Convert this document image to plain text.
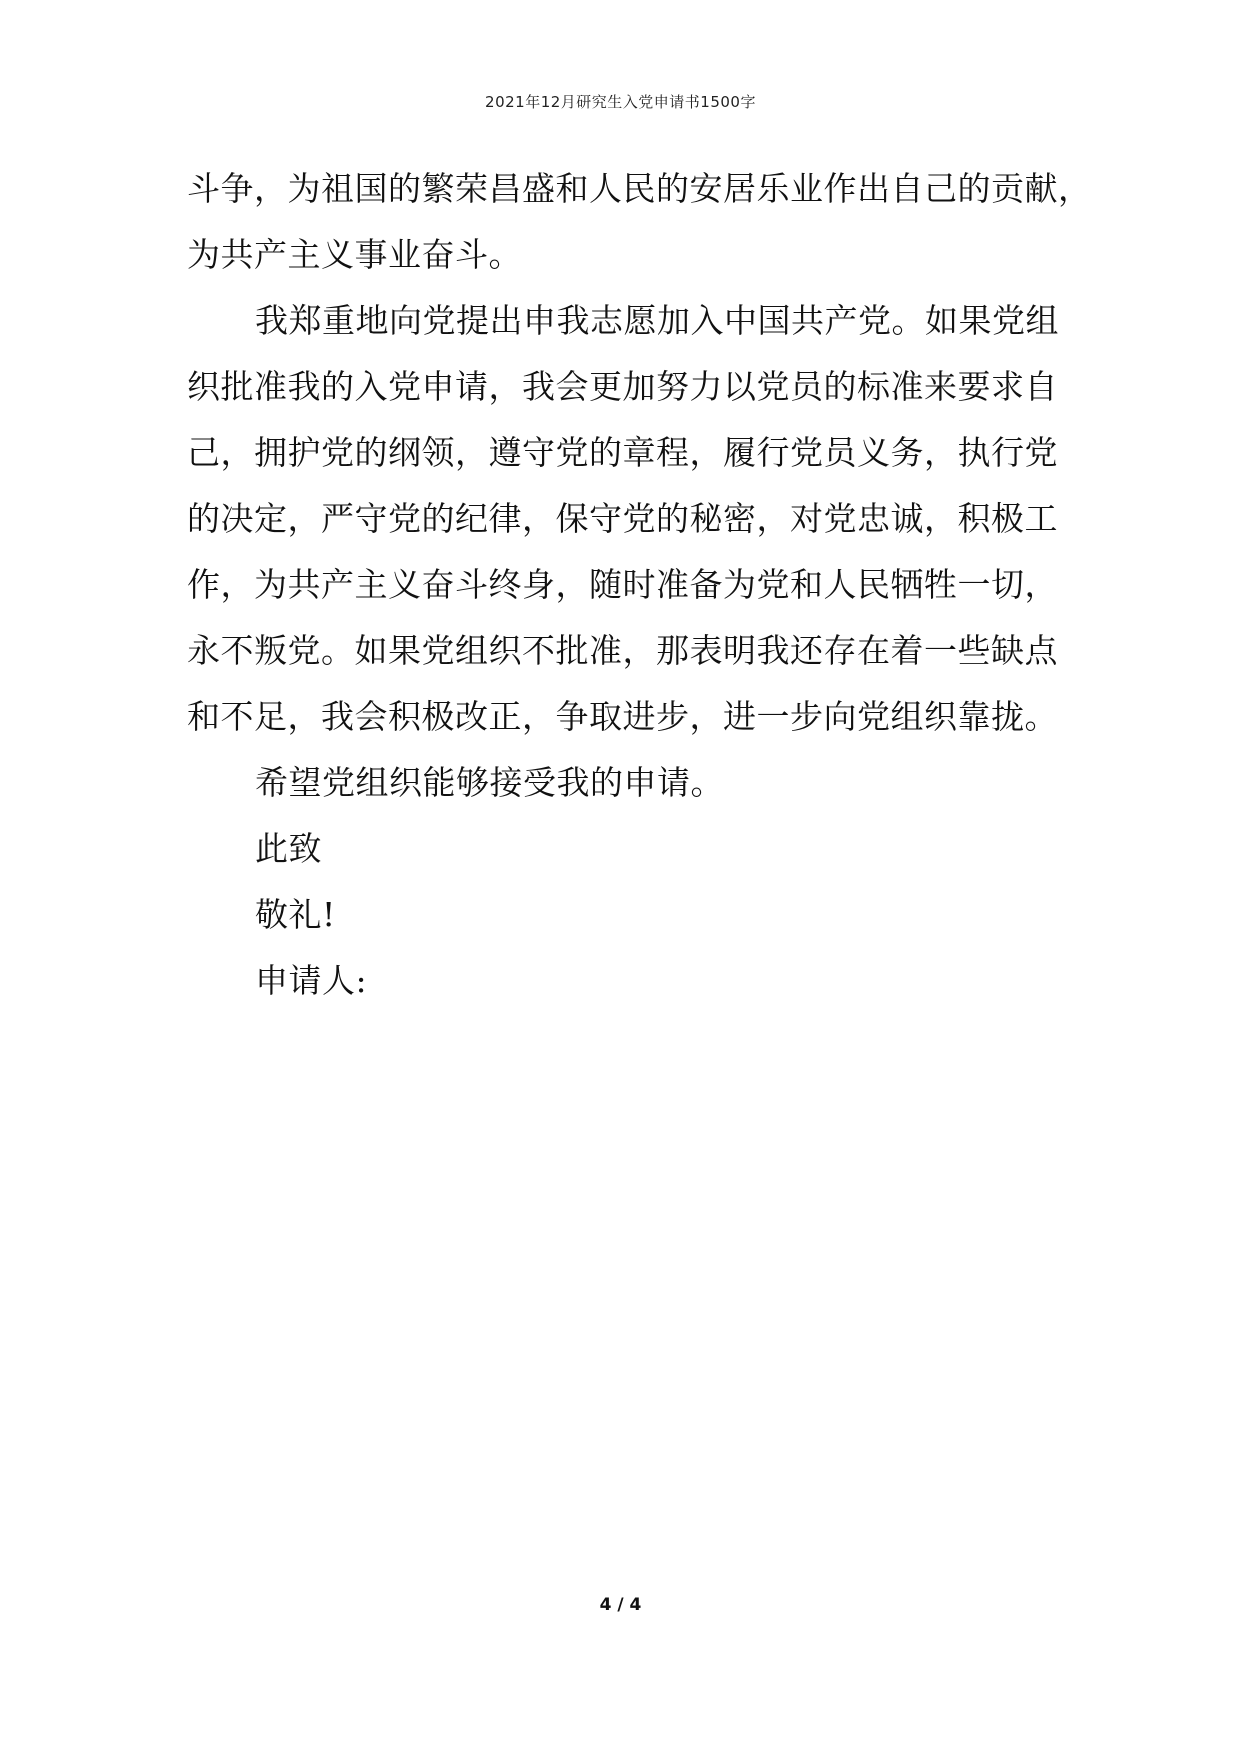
2021年12月研究生入党申请书1500字
斗争，为祖国的繁荣昌盛和人民的安居乐业作出自己的贡献，
为共产主义事业奋斗。
我郑重地向党提出申我志愿加入中国共产党。如果党组
织批准我的入党申请，我会更加努力以党员的标准来要求自
己，拥护党的纲领，遵守党的章程，履行党员义务，执行党
的决定，严守党的纪律，保守党的秘密，对党忠诚，积极工
作，为共产主义奋斗终身，随时准备为党和人民牺牲一切，
永不叛党。如果党组织不批准，那表明我还存在着一些缺点
和不足，我会积极改正，争取进步，进一步向党组织靠拢。
希望党组织能够接受我的申请。
此致
敬礼!
申请人:
4 / 4
